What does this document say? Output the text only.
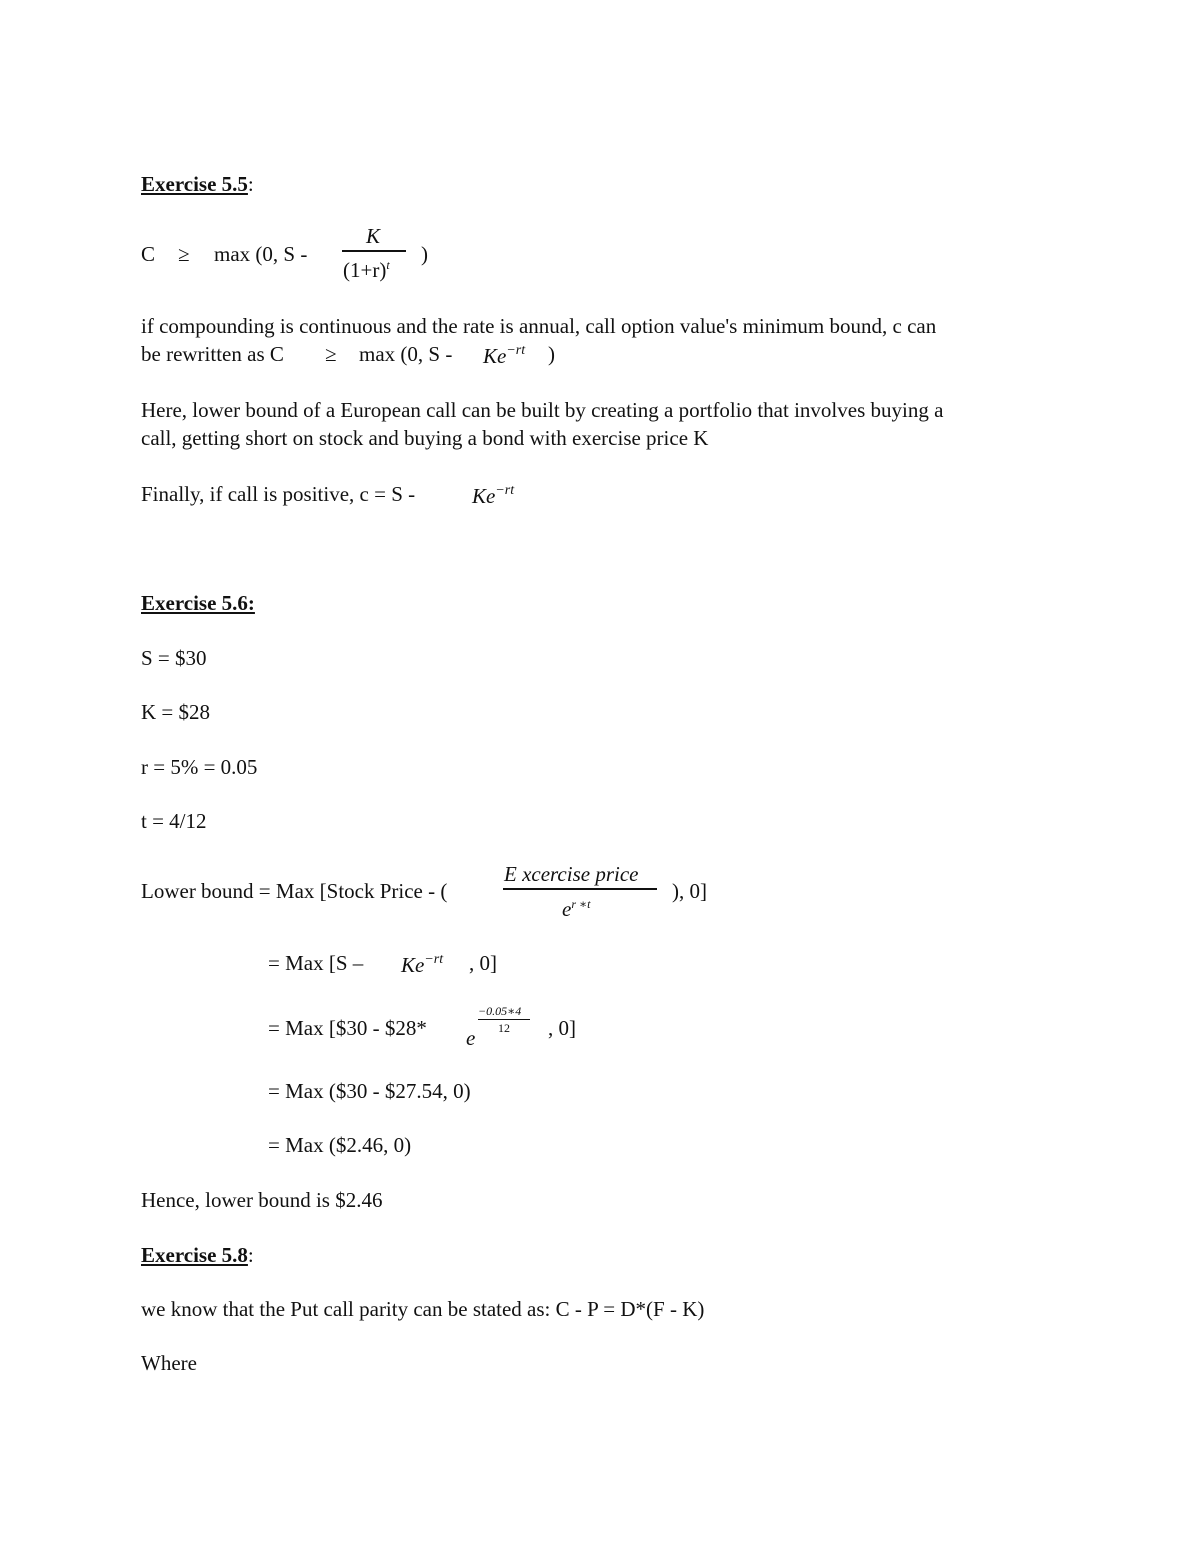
Exercise 5.5:
C ≥ max (0, S -
K
$(1+r)^t$ )
if compounding is continuous and the rate is annual, call option value's minimum bound, c can
be rewritten as C ≥ max (0, S - $Ke^{-rt}$ )
Here, lower bound of a European call can be built by creating a portfolio that involves buying a
call, getting short on stock and buying a bond with exercise price K
Finally, if call is positive, c = S -	$Ke^{-rt}$
Exercise 5.6:
S = $30
K = $28
r = 5% = 0.05
t = 4/12
Lower bound = Max [Stock Price - (
E xcercise price
$e^{r ∗t}$
), 0]
= Max [$S - Ke^{-rt}$ , 0]
= Max [$30 - $28* e
−0.05∗4
12 , 0]
= Max ($30 - $27.54, 0)
= Max ($2.46, 0)
Hence, lower bound is $2.46
Exercise 5.8:
we know that the Put call parity can be stated as: C - P = D*(F - K)
Where
